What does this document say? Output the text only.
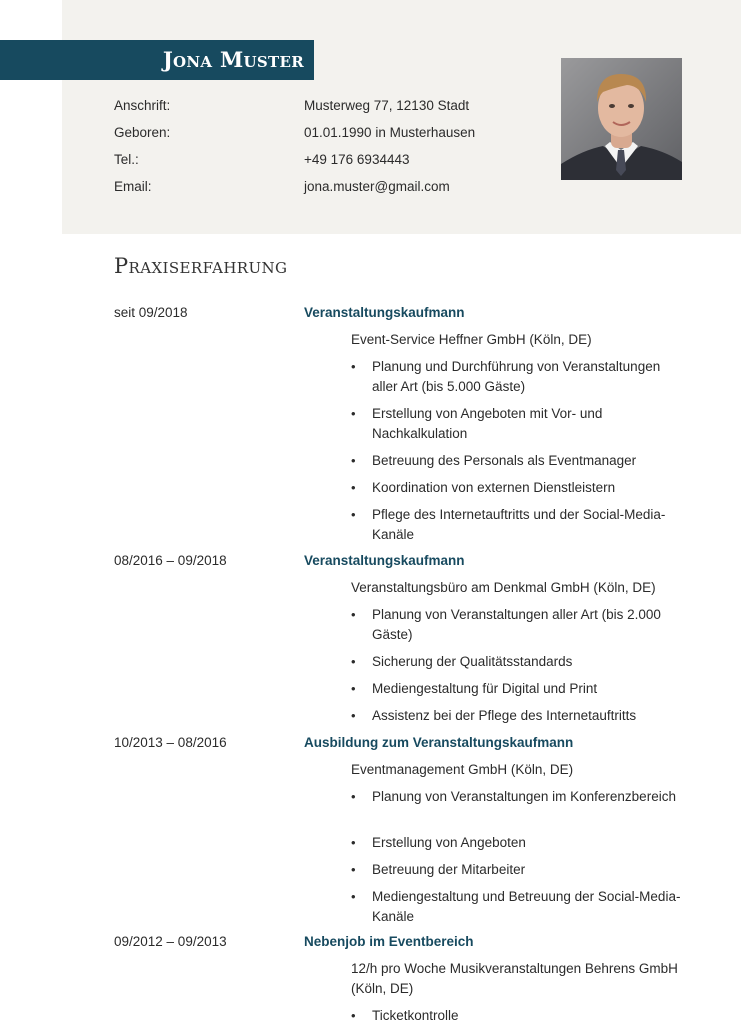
Jona Muster
Anschrift:	Musterweg 77, 12130 Stadt
Geboren:	01.01.1990 in Musterhausen
Tel.:	+49 176 6934443
Email:	jona.muster@gmail.com
Praxiserfahrung
seit 09/2018	Veranstaltungskaufmann
Event-Service Heffner GmbH (Köln, DE)
•	Planung und Durchführung von Veranstaltungen aller Art (bis 5.000 Gäste)
•	Erstellung von Angeboten mit Vor- und Nachkalkulation
•	Betreuung des Personals als Eventmanager
•	Koordination von externen Dienstleistern
•	Pflege des Internetauftritts und der Social-Media-Kanäle
08/2016 – 09/2018	Veranstaltungskaufmann
Veranstaltungsbüro am Denkmal GmbH (Köln, DE)
•	Planung von Veranstaltungen aller Art (bis 2.000 Gäste)
•	Sicherung der Qualitätsstandards
•	Mediengestaltung für Digital und Print
•	Assistenz bei der Pflege des Internetauftritts
10/2013 – 08/2016	Ausbildung zum Veranstaltungskaufmann
Eventmanagement GmbH (Köln, DE)
•	Planung von Veranstaltungen im Konferenzbereich
•	Erstellung von Angeboten
•	Betreuung der Mitarbeiter
•	Mediengestaltung und Betreuung der Social-Media-Kanäle
09/2012 – 09/2013	Nebenjob im Eventbereich
12/h pro Woche Musikveranstaltungen Behrens GmbH (Köln, DE)
•	Ticketkontrolle
